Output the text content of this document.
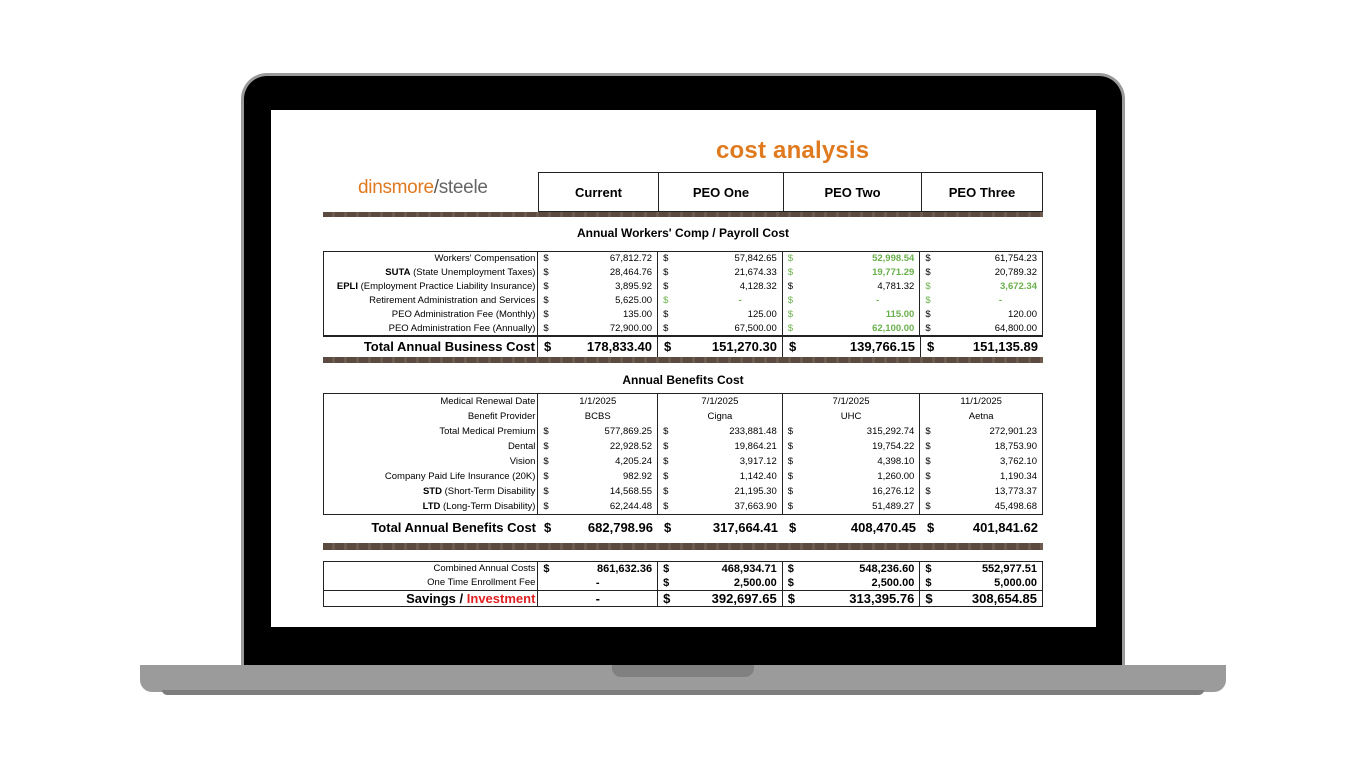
cost analysis
dinsmore/steele	Current	PEO One	PEO Two	PEO Three
Annual Workers' Comp / Payroll Cost
Workers' Compensation $	67,812.72 $	57,842.65 $	52,998.54 $	61,754.23
SUTA (State Unemployment Taxes) $	28,464.76 $	21,674.33 $	19,771.29 $	20,789.32
EPLI (Employment Practice Liability Insurance) $	3,895.92 $	4,128.32 $	4,781.32 $	3,672.34
Retirement Administration and Services $	5,625.00 $	-	$	-	$	-
PEO Administration Fee (Monthly) $	135.00 $	125.00 $	115.00 $	120.00
PEO Administration Fee (Annually) $	72,900.00 $	67,500.00 $	62,100.00 $	64,800.00
Total Annual Business Cost $	178,833.40 $	151,270.30 $	139,766.15 $	151,135.89
Annual Benefits Cost
Medical Renewal Date	1/1/2025	7/1/2025	7/1/2025	11/1/2025
Benefit Provider	BCBS	Cigna	UHC	Aetna
Total Medical Premium $	577,869.25 $	233,881.48 $	315,292.74 $	272,901.23
Dental $	22,928.52 $	19,864.21 $	19,754.22 $	18,753.90
Vision $	4,205.24 $	3,917.12 $	4,398.10 $	3,762.10
Company Paid Life Insurance (20K) $	982.92 $	1,142.40 $	1,260.00 $	1,190.34
STD (Short-Term Disability $	14,568.55 $	21,195.30 $	16,276.12 $	13,773.37
LTD (Long-Term Disability) $	62,244.48 $	37,663.90 $	51,489.27 $	45,498.68
Total Annual Benefits Cost $	682,798.96 $	317,664.41 $	408,470.45 $	401,841.62
Combined Annual Costs $	861,632.36 $	468,934.71 $	548,236.60 $	552,977.51
One Time Enrollment Fee	-	$	2,500.00 $	2,500.00 $	5,000.00
Savings / Investment	-	$	392,697.65 $	313,395.76 $	308,654.85
